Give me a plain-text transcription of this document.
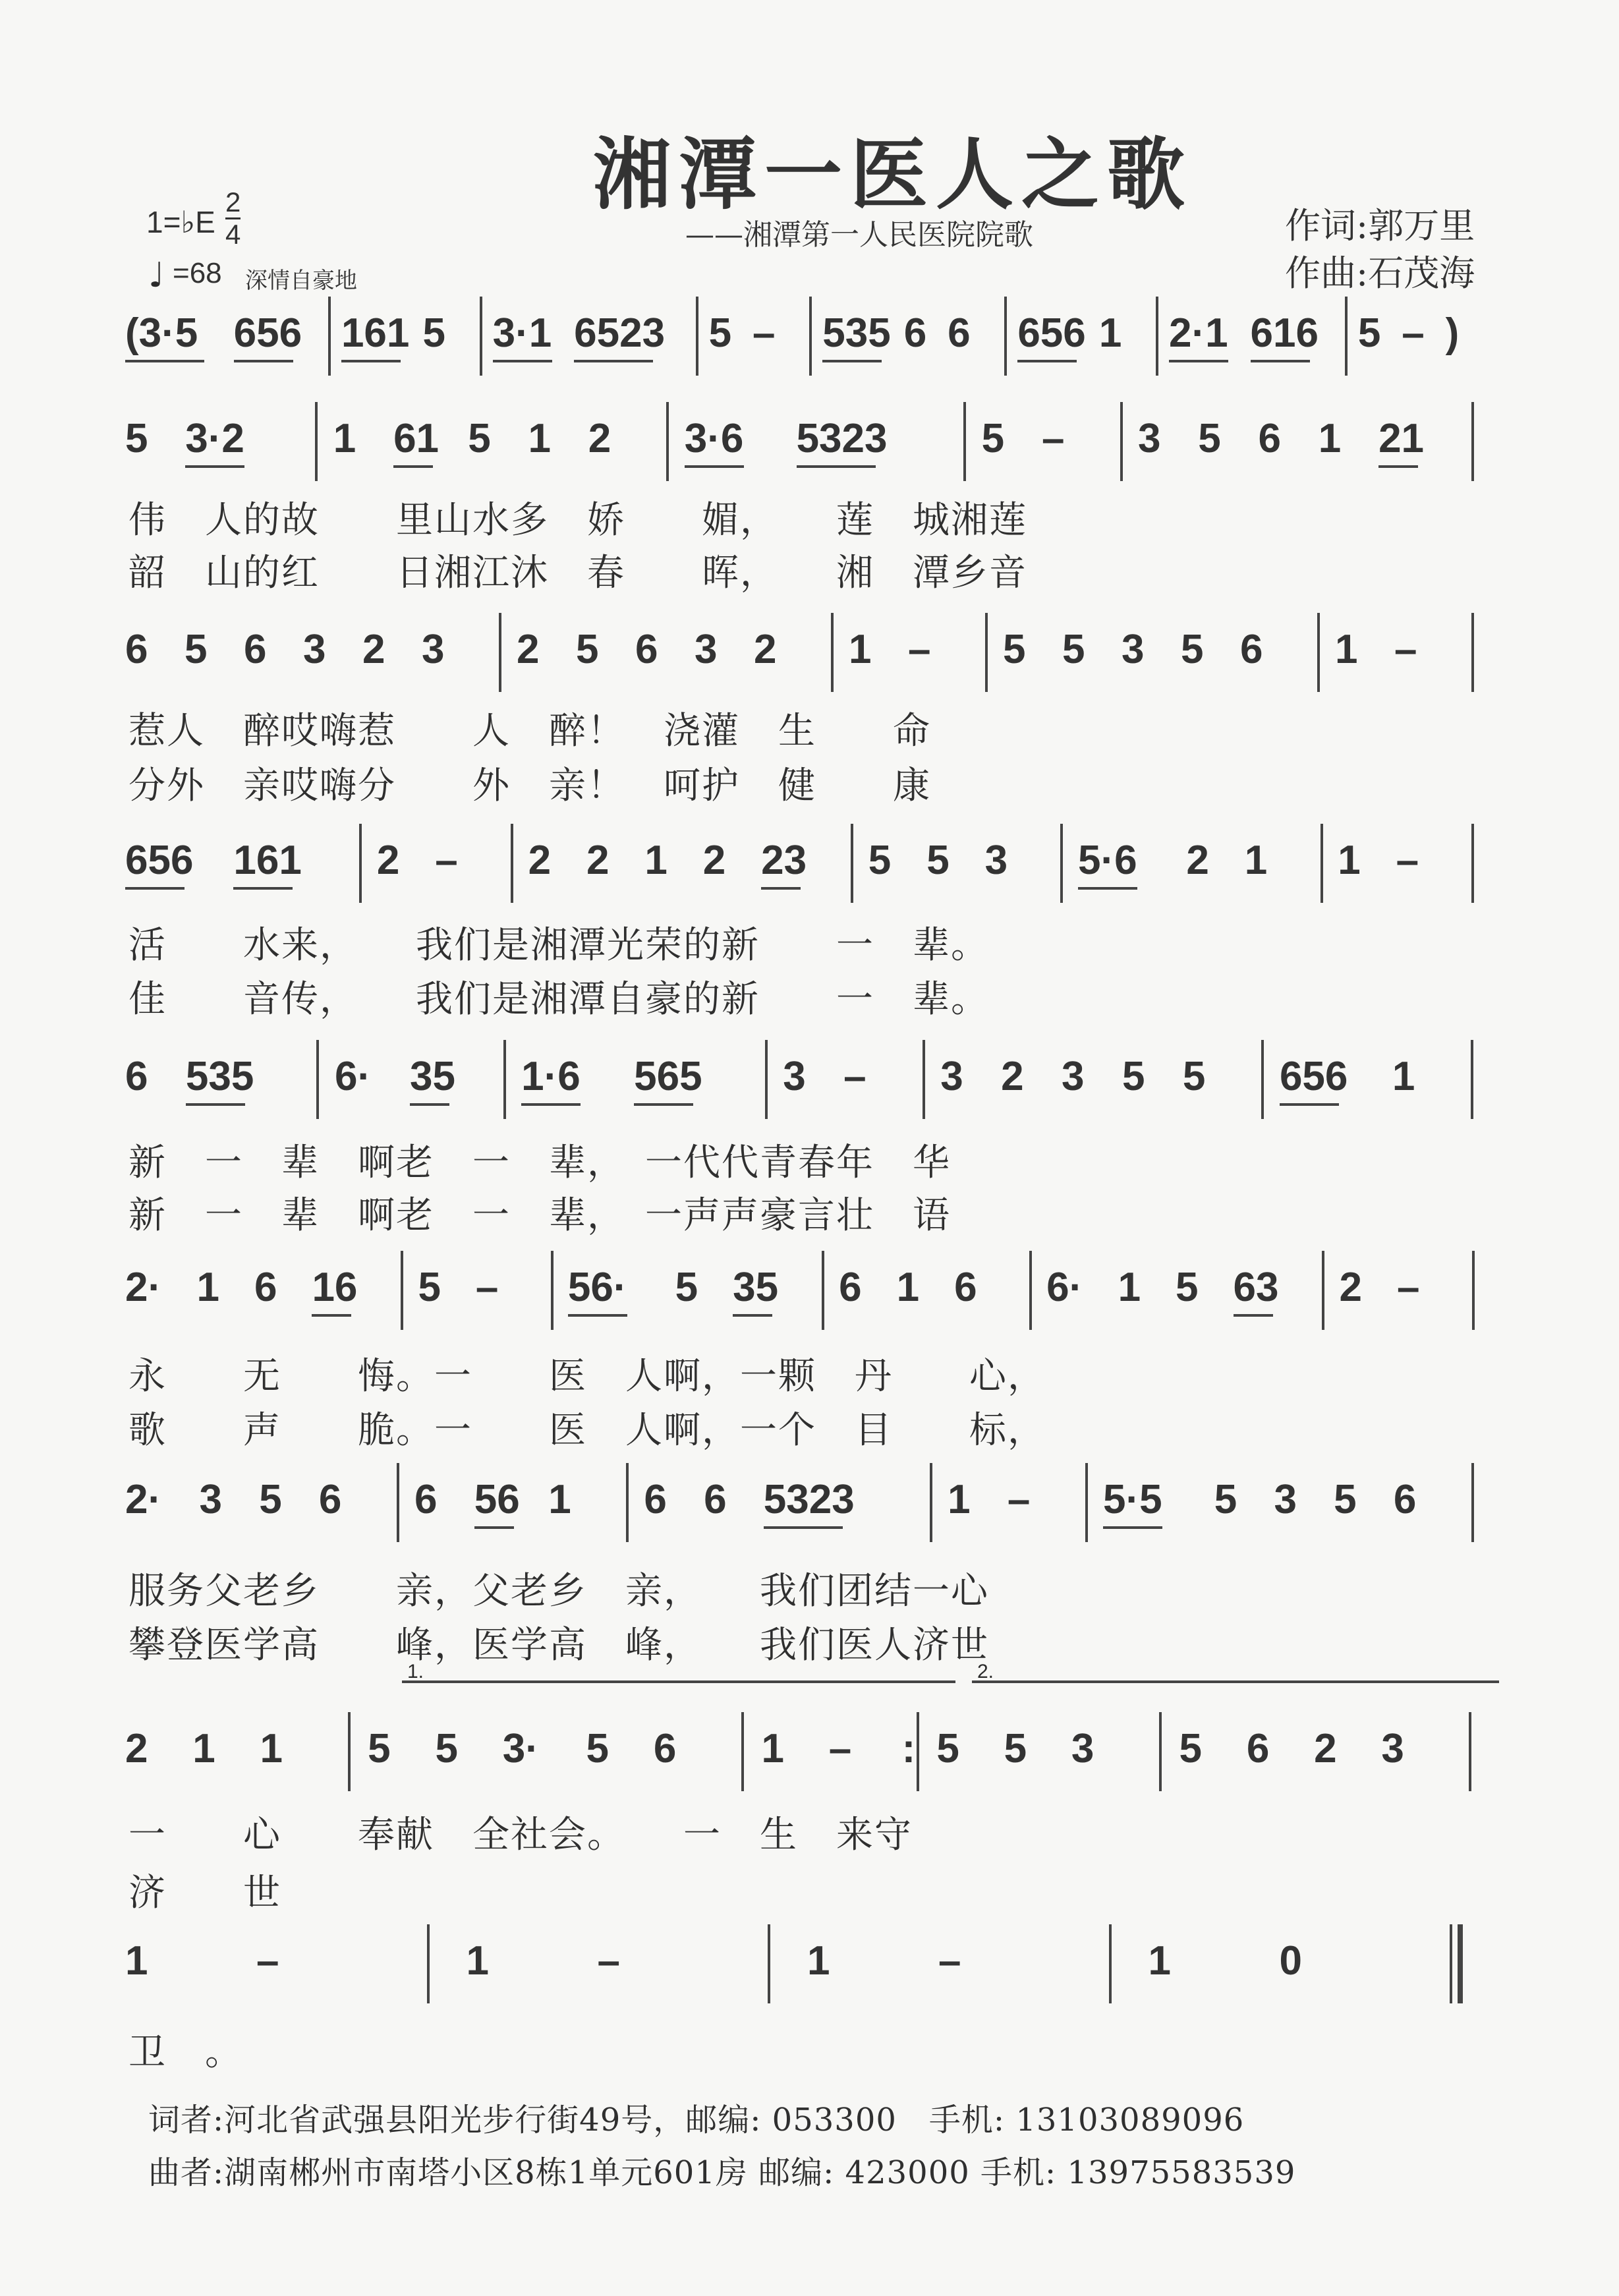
湘潭一医人之歌
——湘潭第一人民医院院歌	作词:郭万里
作曲:石茂海
1=♭E
2
4
♩ =68 深情自豪地
(3·5 656 161 5 3·1 6523 5 – 535 6 6 656 1 2·1 616 5 – )
5 3·2 1 61 5 1 2 3·6 5323 5 – 3 5 6 1 21
6 5 6 3 2 3 2 5 6 3 2 1 – 5 5 3 5 6 1 –
656 161 2 – 2 2 1 2 23 5 5 3 5·6 2 1 1 –
6 535 6· 35 1·6 565 3 – 3 2 3 5 5 656 1
2· 1 6 16 5 – 56· 5 35 6 1 6 6· 1 5 63 2 –
2· 3 5 6 6 56 1 6 6 5323 1 – 5·5 5 3 5 6
1.	2.
2 1 1 5 5 3· 5 6 1 – : 5 5 3 5 6 2 3
1	–	1	–	1	–	1	0
伟　人的故　　里山水多　娇　　媚，　　莲　城湘莲
韶　山的红　　日湘江沐　春　　晖，　　湘　潭乡音
惹人　醉哎嗨惹　　人　醉！　浇灌　生　　命
分外　亲哎嗨分　　外　亲！　呵护　健　　康
活　　水来，　　我们是湘潭光荣的新　　一　辈。
佳　　音传，　　我们是湘潭自豪的新　　一　辈。
新　一　辈　啊老　一　辈，　一代代青春年　华
新　一　辈　啊老　一　辈，　一声声豪言壮　语
永　　无　　悔。一　　医　人啊，一颗　丹　　心，
歌　　声　　脆。一　　医　人啊，一个　目　　标，
服务父老乡　　亲，父老乡　亲，　　我们团结一心
攀登医学高　　峰，医学高　峰，　　我们医人济世
一　　心　　奉献　全社会。　　一　生　来守
济　　世
卫　。
词者:河北省武强县阳光步行街49号，邮编: 053300　手机: 13103089096
曲者:湖南郴州市南塔小区8栋1单元601房 邮编: 423000 手机: 13975583539
